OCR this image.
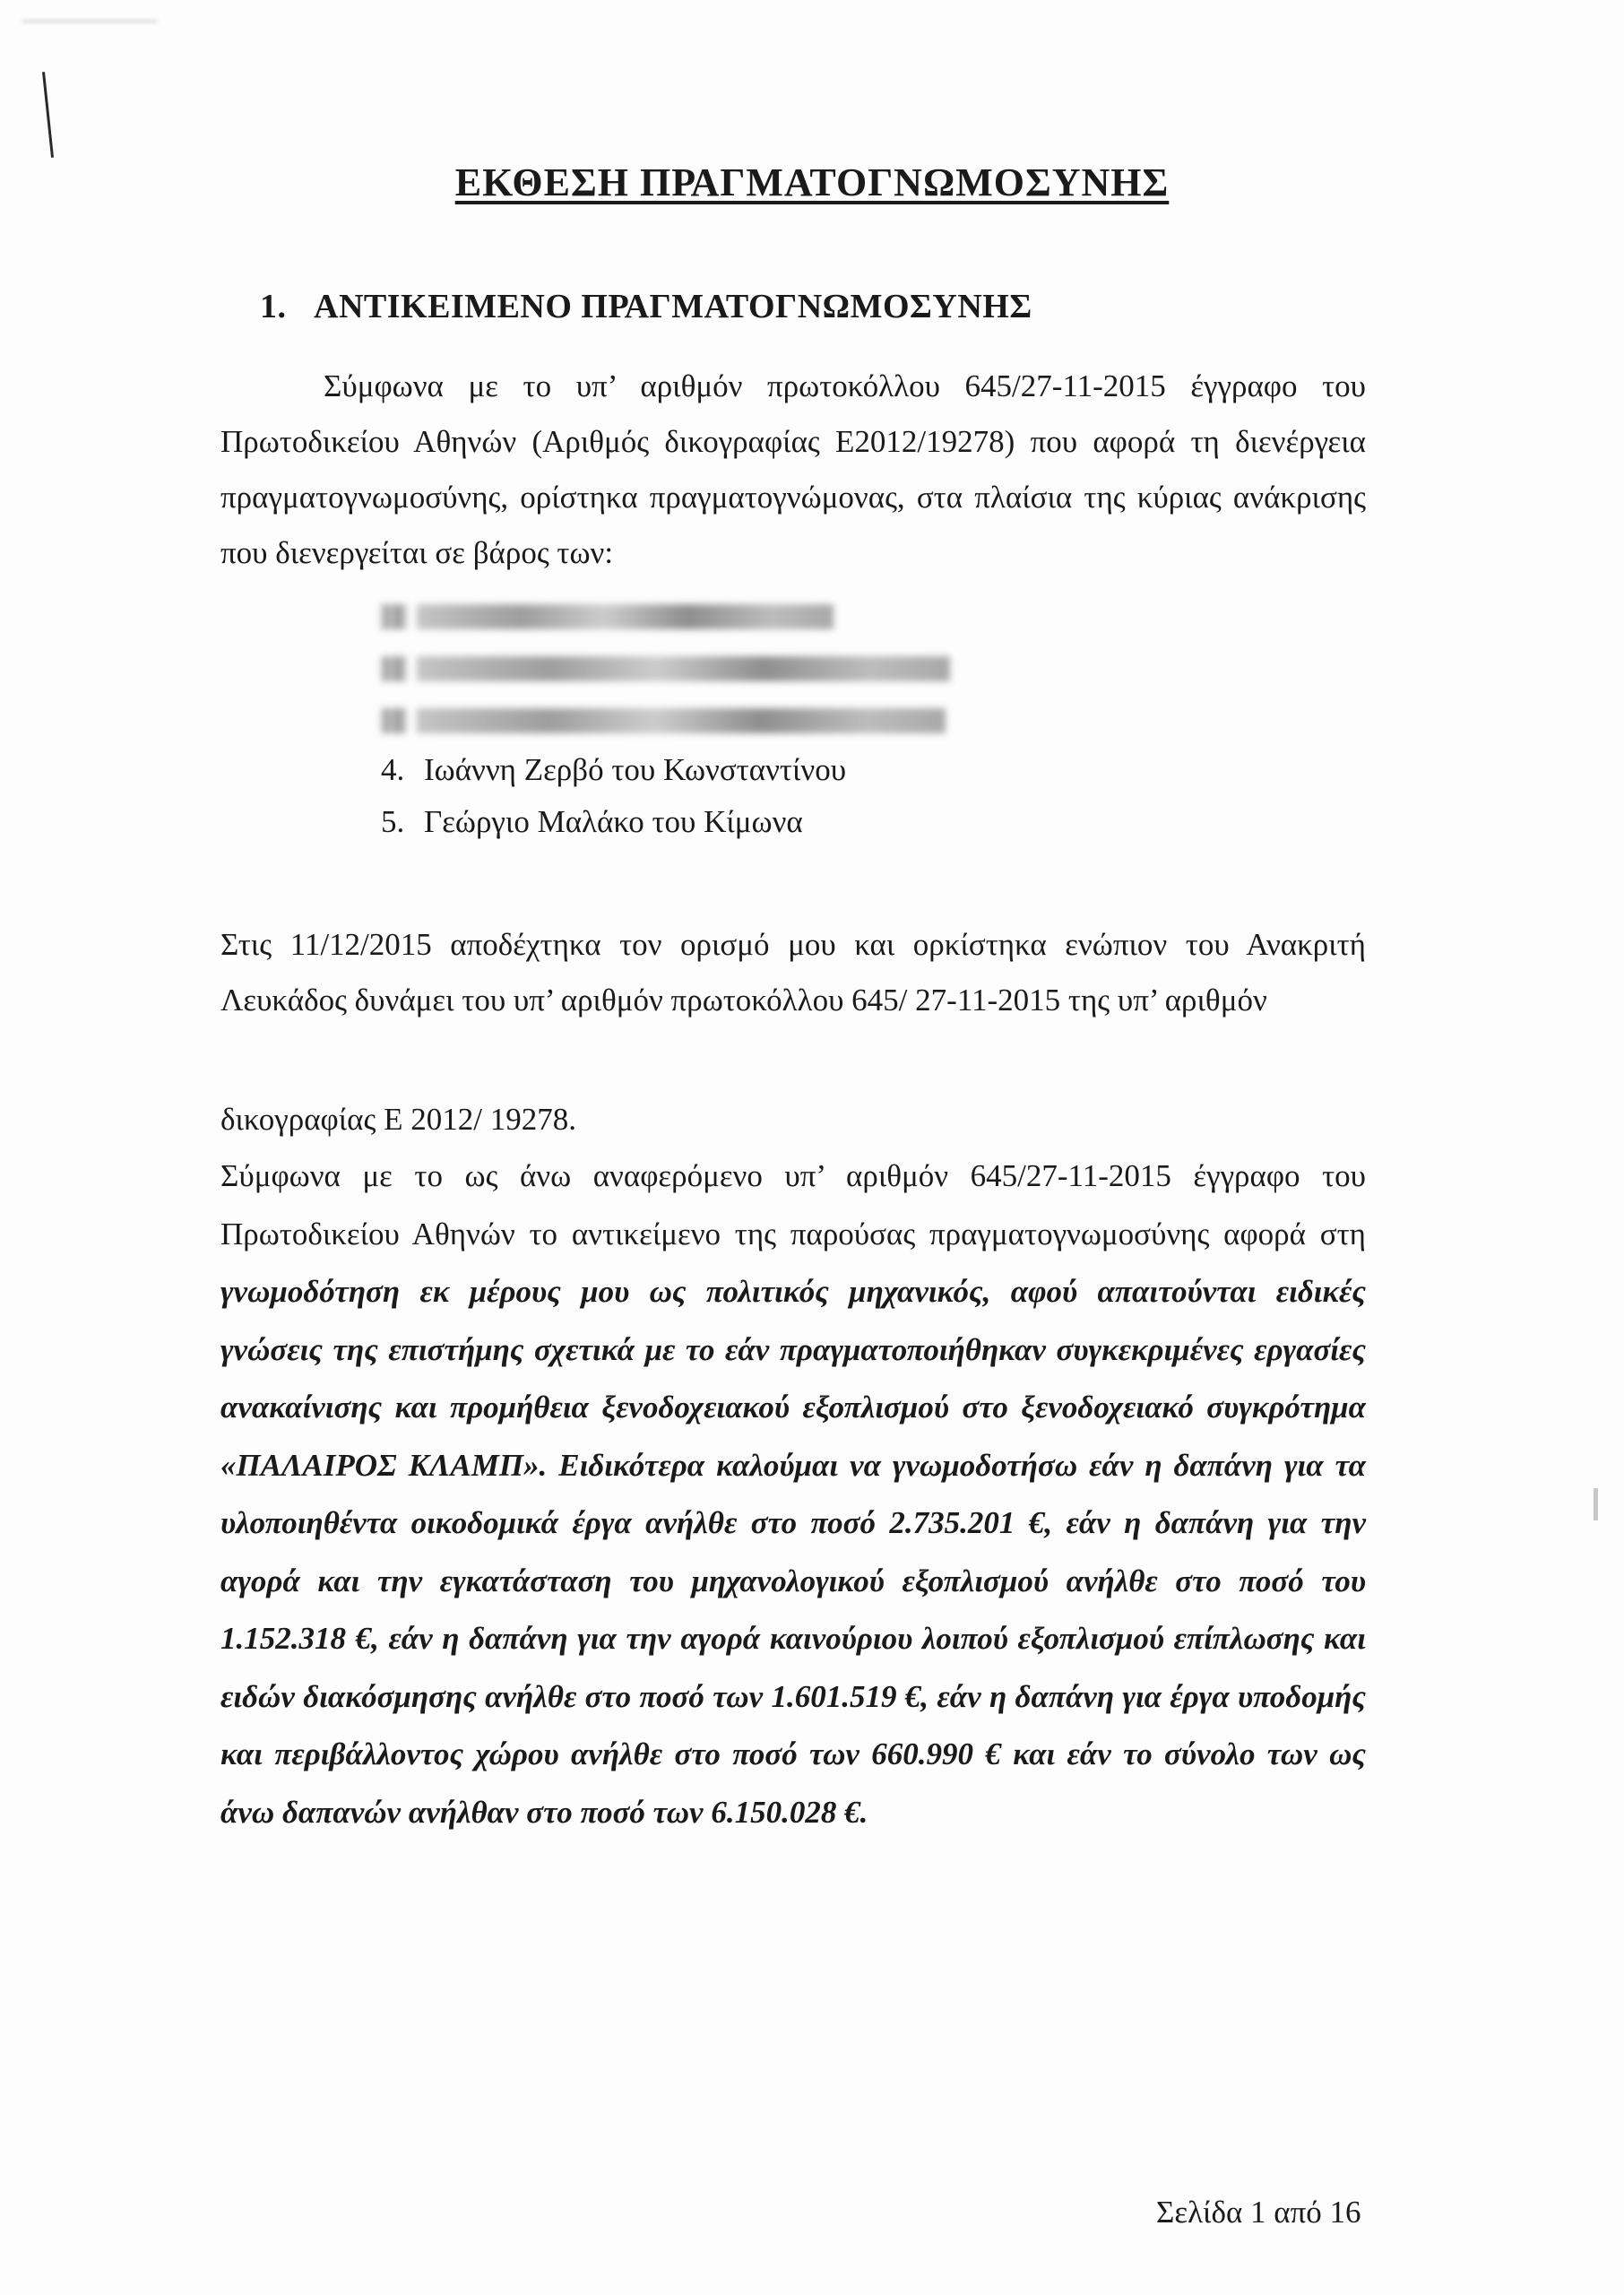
ΕΚΘΕΣΗ ΠΡΑΓΜΑΤΟΓΝΩΜΟΣΥΝΗΣ
1. ΑΝΤΙΚΕΙΜΕΝΟ ΠΡΑΓΜΑΤΟΓΝΩΜΟΣΥΝΗΣ
Σύμφωνα με το υπ’ αριθμόν πρωτοκόλλου 645/27-11-2015 έγγραφο του Πρωτοδικείου Αθηνών (Αριθμός δικογραφίας Ε2012/19278) που αφορά τη διενέργεια πραγματογνωμοσύνης, ορίστηκα πραγματογνώμονας, στα πλαίσια της κύριας ανάκρισης που διενεργείται σε βάρος των:
4. Ιωάννη Ζερβό του Κωνσταντίνου
5. Γεώργιο Μαλάκο του Κίμωνα
Στις 11/12/2015 αποδέχτηκα τον ορισμό μου και ορκίστηκα ενώπιον του Ανακριτή Λευκάδος δυνάμει του υπ’ αριθμόν πρωτοκόλλου 645/ 27-11-2015 της υπ’ αριθμόν
δικογραφίας Ε 2012/ 19278.
Σύμφωνα με το ως άνω αναφερόμενο υπ’ αριθμόν 645/27-11-2015 έγγραφο του Πρωτοδικείου Αθηνών το αντικείμενο της παρούσας πραγματογνωμοσύνης αφορά στη γνωμοδότηση εκ μέρους μου ως πολιτικός μηχανικός, αφού απαιτούνται ειδικές γνώσεις της επιστήμης σχετικά με το εάν πραγματοποιήθηκαν συγκεκριμένες εργασίες ανακαίνισης και προμήθεια ξενοδοχειακού εξοπλισμού στο ξενοδοχειακό συγκρότημα «ΠΑΛΑΙΡΟΣ ΚΛΑΜΠ». Ειδικότερα καλούμαι να γνωμοδοτήσω εάν η δαπάνη για τα υλοποιηθέντα οικοδομικά έργα ανήλθε στο ποσό 2.735.201 €, εάν η δαπάνη για την αγορά και την εγκατάσταση του μηχανολογικού εξοπλισμού ανήλθε στο ποσό του 1.152.318 €, εάν η δαπάνη για την αγορά καινούριου λοιπού εξοπλισμού επίπλωσης και ειδών διακόσμησης ανήλθε στο ποσό των 1.601.519 €, εάν η δαπάνη για έργα υποδομής και περιβάλλοντος χώρου ανήλθε στο ποσό των 660.990 € και εάν το σύνολο των ως άνω δαπανών ανήλθαν στο ποσό των 6.150.028 €.
Σελίδα 1 από 16
